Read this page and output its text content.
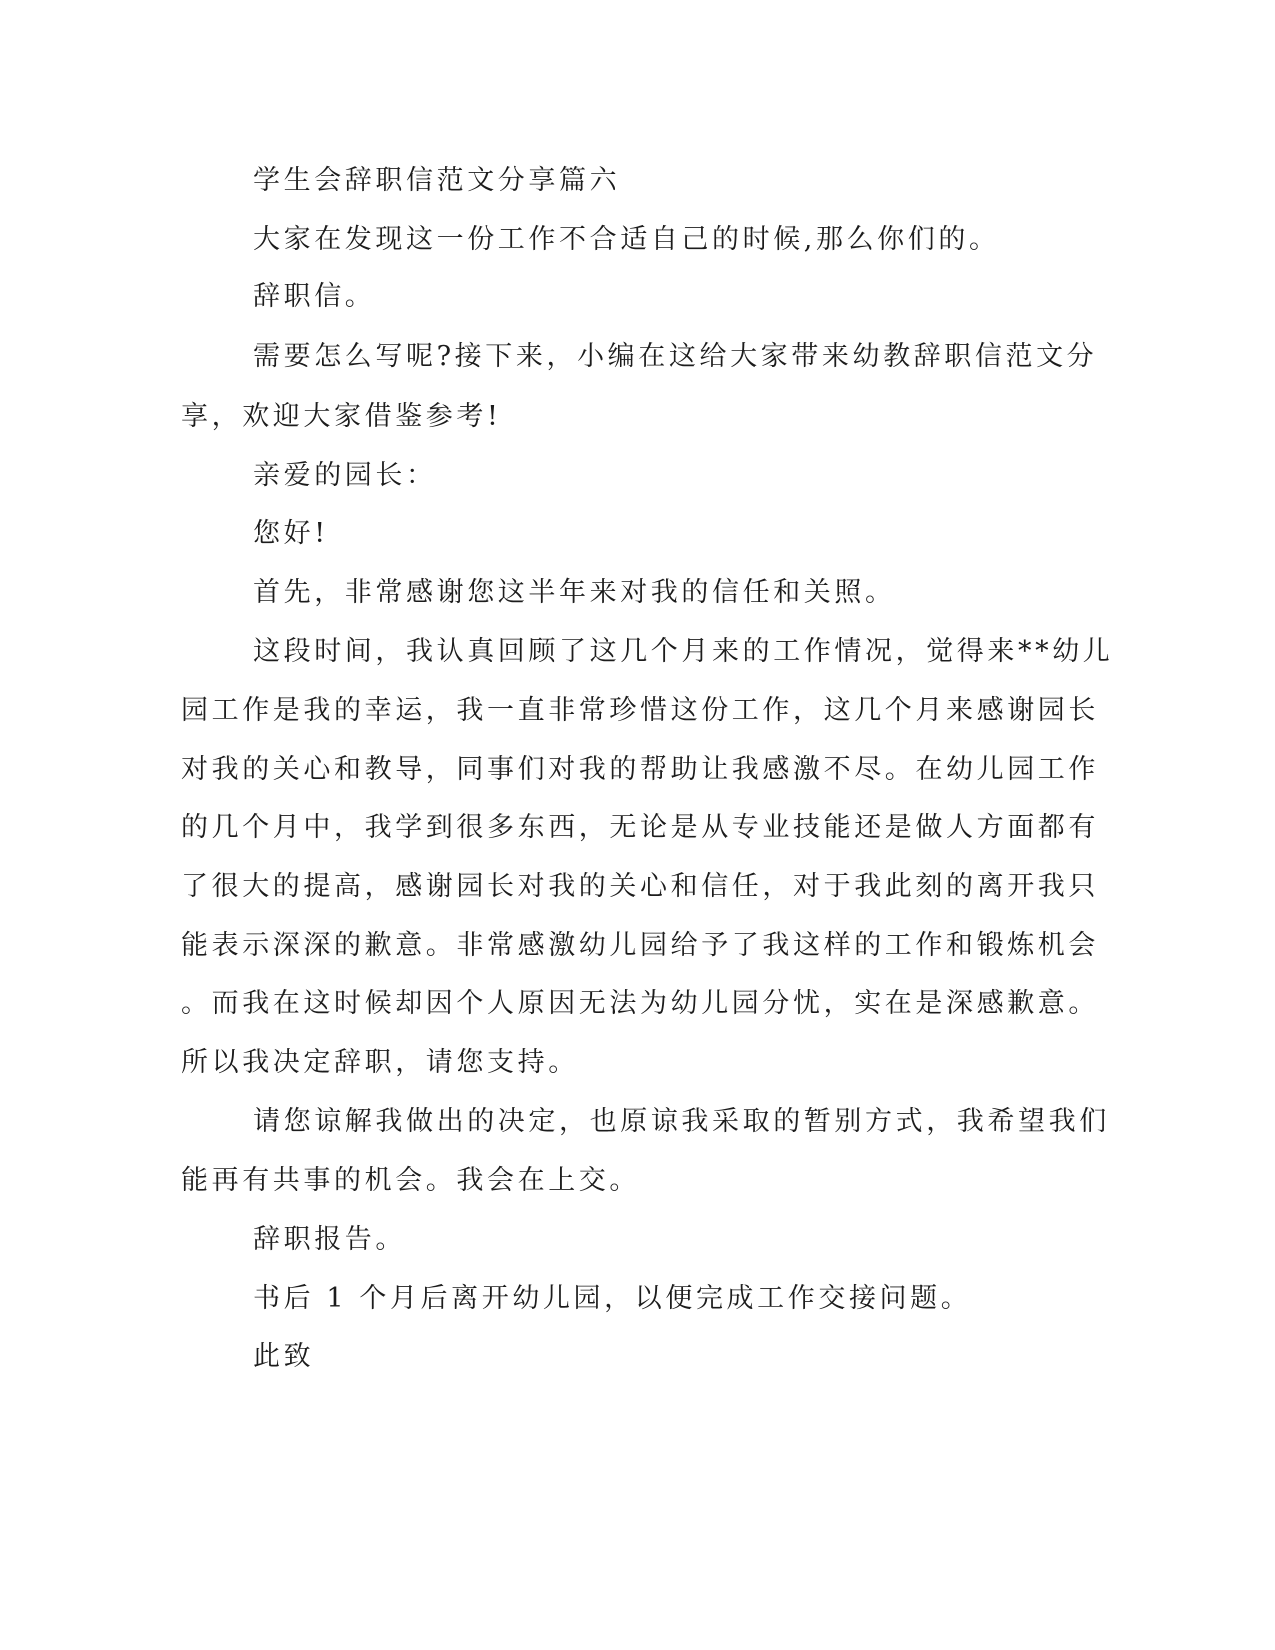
学生会辞职信范文分享篇六
大家在发现这一份工作不合适自己的时候,那么你们的。
辞职信。
需要怎么写呢?接下来，小编在这给大家带来幼教辞职信范文分
享，欢迎大家借鉴参考!
亲爱的园长：
您好!
首先，非常感谢您这半年来对我的信任和关照。
这段时间，我认真回顾了这几个月来的工作情况，觉得来**幼儿
园工作是我的幸运，我一直非常珍惜这份工作，这几个月来感谢园长
对我的关心和教导，同事们对我的帮助让我感激不尽。在幼儿园工作
的几个月中，我学到很多东西，无论是从专业技能还是做人方面都有
了很大的提高，感谢园长对我的关心和信任，对于我此刻的离开我只
能表示深深的歉意。非常感激幼儿园给予了我这样的工作和锻炼机会
。而我在这时候却因个人原因无法为幼儿园分忧，实在是深感歉意。
所以我决定辞职，请您支持。
请您谅解我做出的决定，也原谅我采取的暂别方式，我希望我们
能再有共事的机会。我会在上交。
辞职报告。
书后 1 个月后离开幼儿园，以便完成工作交接问题。
此致
